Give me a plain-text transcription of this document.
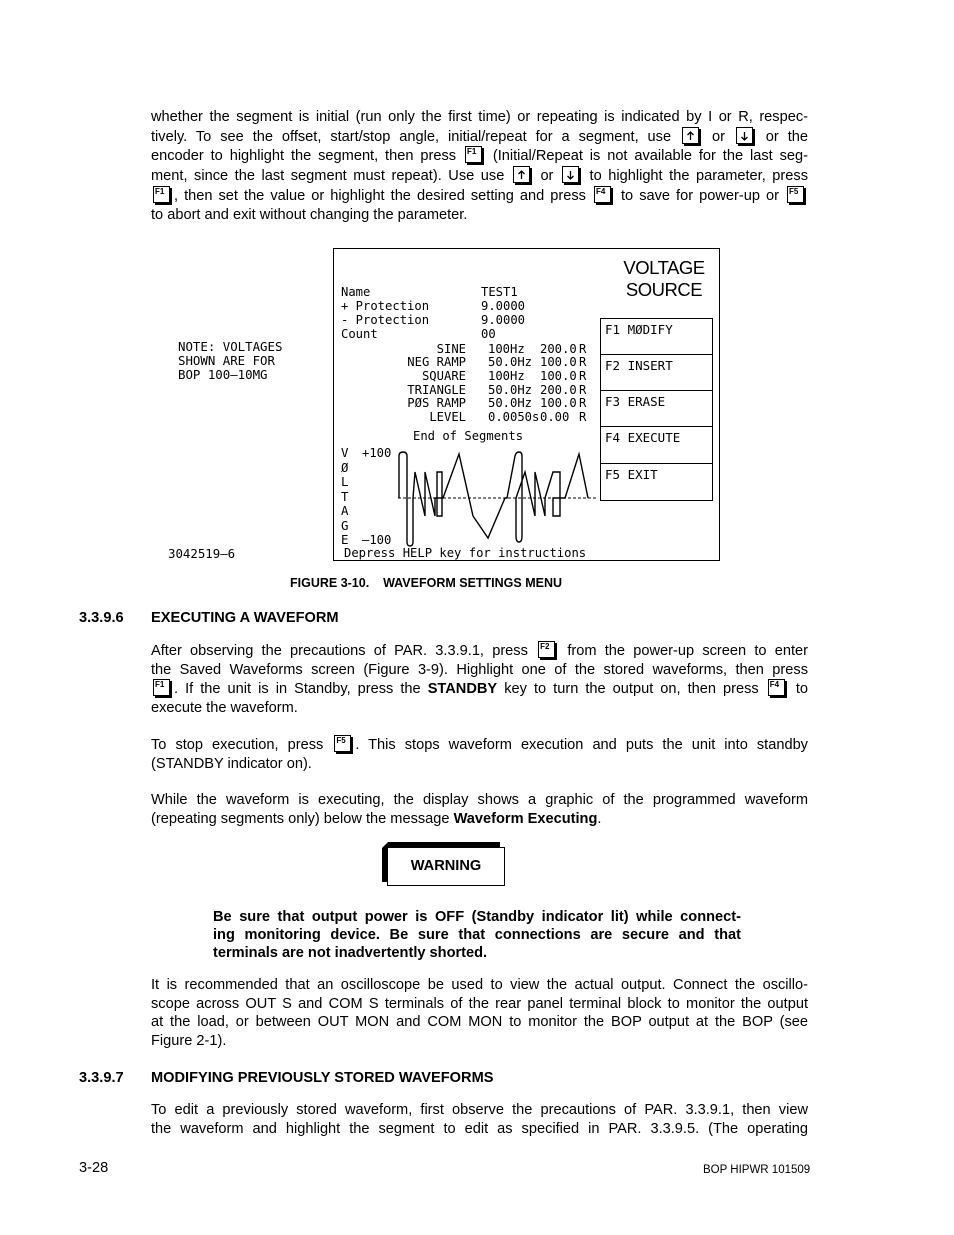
whether the segment is initial (run only the first time) or repeating is indicated by I or R, respec-
tively. To see the offset, start/stop angle, initial/repeat for a segment, use
or
or the
encoder to highlight the segment, then press F1 (Initial/Repeat is not available for the last seg-
ment, since the last segment must repeat). Use use
or
to highlight the parameter, press
F1 , then set the value or highlight the desired setting and press F4 to save for power-up or F5
to abort and exit without changing the parameter.
NOTE: VOLTAGES
SHOWN ARE FOR
BOP 100—10MG
3042519—6
VOLTAGE
SOURCE
Name	TEST1
+ Protection	9.0000
- Protection	9.0000
Count	00
SINE 100Hz 200.0 R
NEG RAMP 50.0Hz 100.0 R
SQUARE 100Hz 100.0 R
TRIANGLE 50.0Hz 200.0 R
PØS RAMP 50.0Hz 100.0 R
LEVEL 0.0050s 0.00 R
End of Segments
V
Ø
L
T
A
G
E
+100
—100
Depress HELP key for instructions
F1 MØDIFY
F2 INSERT
F3 ERASE
F4 EXECUTE
F5 EXIT
FIGURE 3-10.    WAVEFORM SETTINGS MENU
3.3.9.6 EXECUTING A WAVEFORM
After observing the precautions of PAR. 3.3.9.1, press F2 from the power-up screen to enter
the Saved Waveforms screen (Figure 3-9). Highlight one of the stored waveforms, then press
F1 . If the unit is in Standby, press the STANDBY key to turn the output on, then press F4 to
execute the waveform.
To stop execution, press F5 . This stops waveform execution and puts the unit into standby
(STANDBY indicator on).
While the waveform is executing, the display shows a graphic of the programmed waveform
(repeating segments only) below the message Waveform Executing.
WARNING
Be sure that output power is OFF (Standby indicator lit) while connect-
ing monitoring device. Be sure that connections are secure and that
terminals are not inadvertently shorted.
It is recommended that an oscilloscope be used to view the actual output. Connect the oscillo-
scope across OUT S and COM S terminals of the rear panel terminal block to monitor the output
at the load, or between OUT MON and COM MON to monitor the BOP output at the BOP (see
Figure 2-1).
3.3.9.7 MODIFYING PREVIOUSLY STORED WAVEFORMS
To edit a previously stored waveform, first observe the precautions of PAR. 3.3.9.1, then view
the waveform and highlight the segment to edit as specified in PAR. 3.3.9.5. (The operating
3-28	BOP HIPWR 101509
